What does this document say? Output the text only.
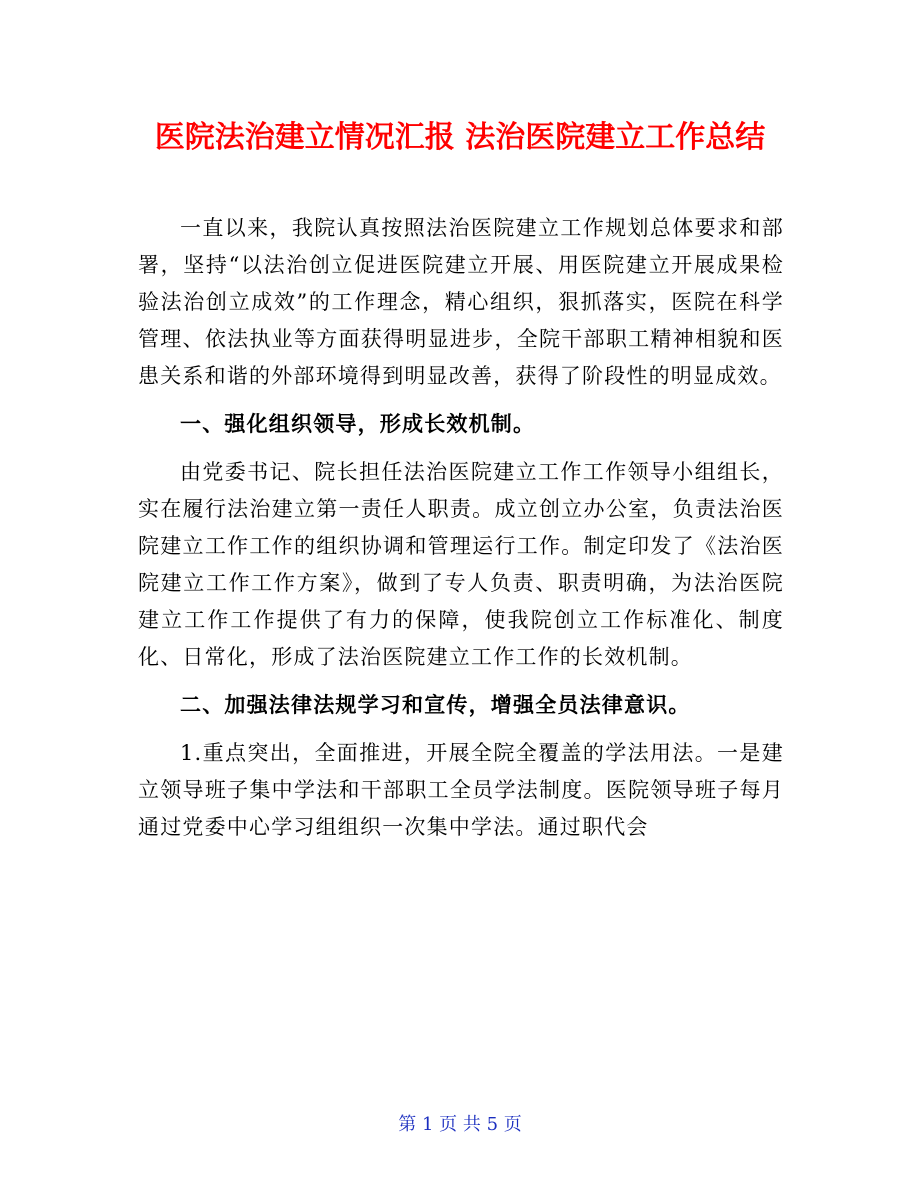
医院法治建立情况汇报 法治医院建立工作总结

一直以来，我院认真按照法治医院建立工作规划总体要求和部署，坚持“以法治创立促进医院建立开展、用医院建立开展成果检验法治创立成效”的工作理念，精心组织，狠抓落实，医院在科学管理、依法执业等方面获得明显进步，全院干部职工精神相貌和医患关系和谐的外部环境得到明显改善，获得了阶段性的明显成效。

一、强化组织领导，形成长效机制。

由党委书记、院长担任法治医院建立工作工作领导小组组长，实在履行法治建立第一责任人职责。成立创立办公室，负责法治医院建立工作工作的组织协调和管理运行工作。制定印发了《法治医院建立工作工作方案》，做到了专人负责、职责明确，为法治医院建立工作工作提供了有力的保障，使我院创立工作标准化、制度化、日常化，形成了法治医院建立工作工作的长效机制。

二、加强法律法规学习和宣传，增强全员法律意识。

1.重点突出，全面推进，开展全院全覆盖的学法用法。一是建立领导班子集中学法和干部职工全员学法制度。医院领导班子每月通过党委中心学习组组织一次集中学法。通过职代会

第 1 页 共 5 页
